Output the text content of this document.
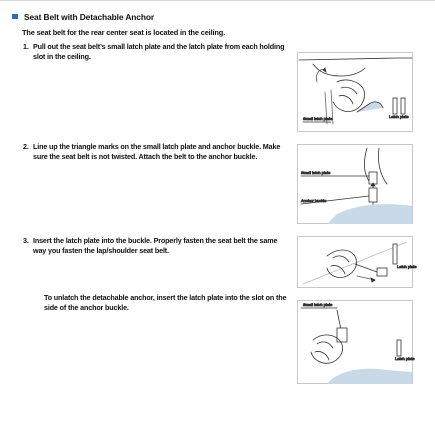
Seat Belt with Detachable Anchor
The seat belt for the rear center seat is located in the ceiling.
1. Pull out the seat belt’s small latch plate and the latch plate from each holding slot in the ceiling.
2. Line up the triangle marks on the small latch plate and anchor buckle. Make sure the seat belt is not twisted. Attach the belt to the anchor buckle.
3. Insert the latch plate into the buckle. Properly fasten the seat belt the same way you fasten the lap/shoulder seat belt.
To unlatch the detachable anchor, insert the latch plate into the slot on the side of the anchor buckle.
Small latch plate	Latch plate
Small latch plate
Anchor buckle
Latch plate
Small latch plate
Latch plate
